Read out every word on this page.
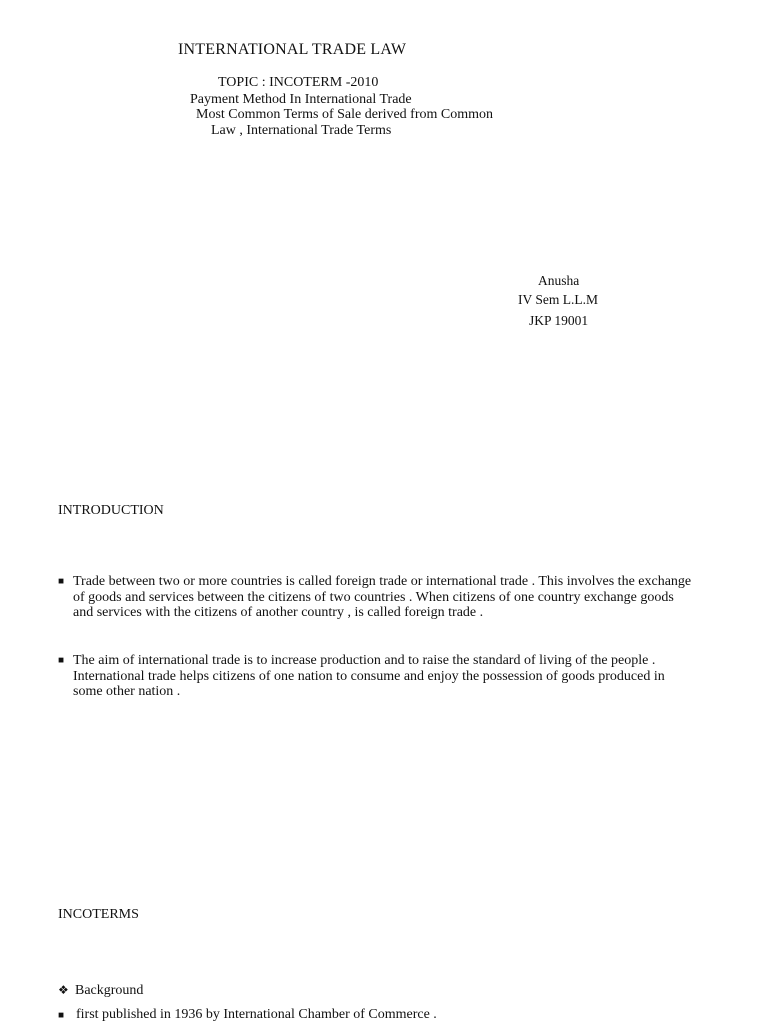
INTERNATIONAL TRADE LAW
TOPIC : INCOTERM -2010
Payment Method In International Trade
Most Common Terms of Sale derived from Common
Law , International Trade Terms
Anusha
IV Sem L.L.M
JKP 19001
INTRODUCTION
■ Trade between two or more countries is called foreign trade or international trade . This involves the exchange
of goods and services between the citizens of two countries . When citizens of one country exchange goods
and services with the citizens of another country , is called foreign trade .
■ The aim of international trade is to increase production and to raise the standard of living of the people .
International trade helps citizens of one nation to consume and enjoy the possession of goods produced in
some other nation .
INCOTERMS
❖ Background
■ first published in 1936 by International Chamber of Commerce .
